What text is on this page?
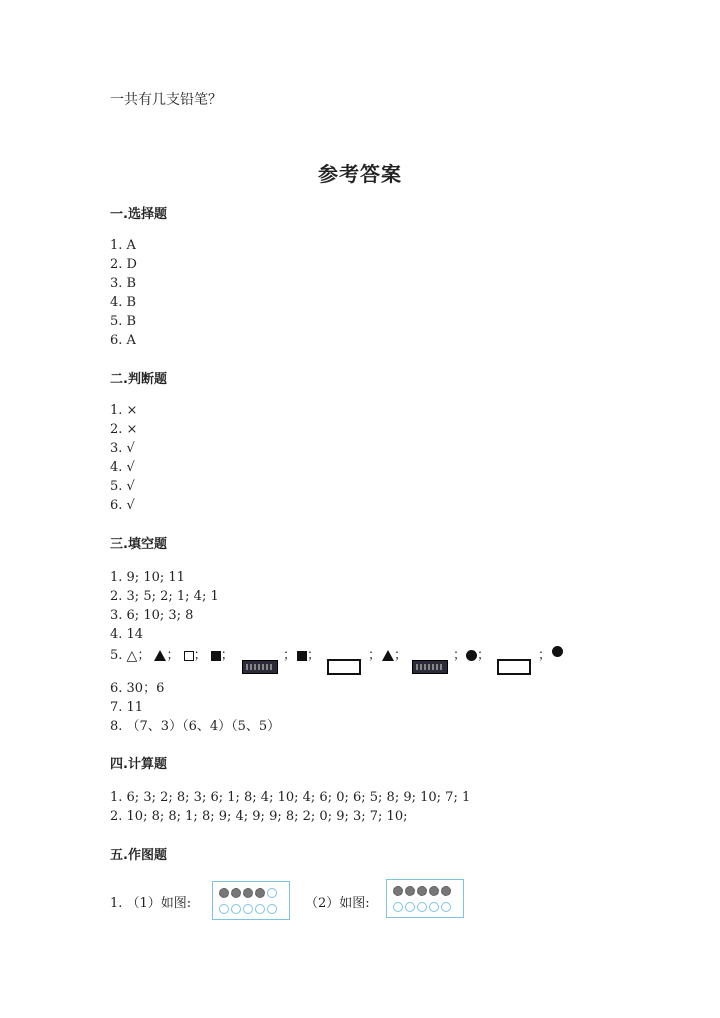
一共有几支铅笔？
参考答案
一.选择题
1. A
2. D
3. B
4. B
5. B
6. A
二.判断题
1. ×
2. ×
3. √
4. √
5. √
6. √
三.填空题
1. 9; 10; 11
2. 3; 5; 2; 1; 4; 1
3. 6; 10; 3; 8
4. 14
5. △； ； ； ；	； ；	； ；	； ；	；
6. 30；6
7. 11
8. （7、3）（6、4）（5、5）
四.计算题
1. 6; 3; 2; 8; 3; 6; 1; 8; 4; 10; 4; 6; 0; 6; 5; 8; 9; 10; 7; 1
2. 10; 8; 8; 1; 8; 9; 4; 9; 9; 8; 2; 0; 9; 3; 7; 10;
五.作图题
1. （1）如图:	（2）如图:
